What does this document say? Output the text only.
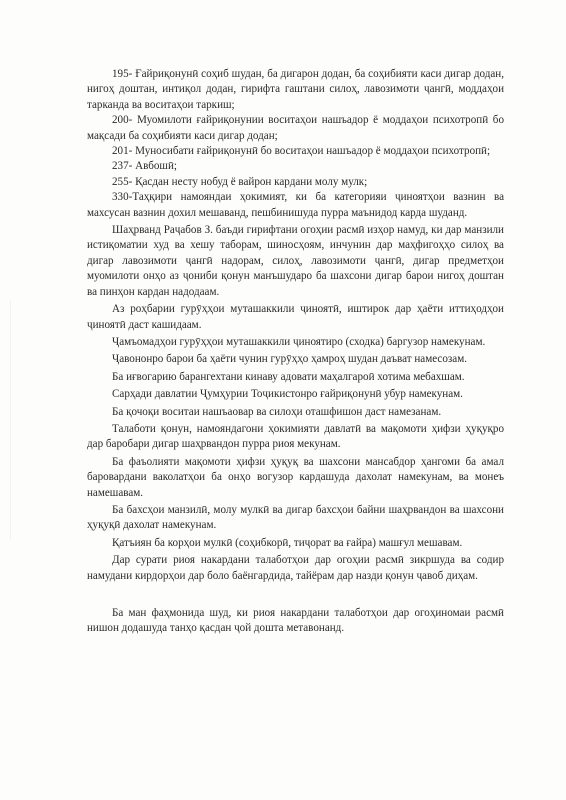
195- Ғайриқонунӣ соҳиб шудан, ба дигарон додан, ба соҳибияти каси дигар додан, нигоҳ доштан, интиқол додан, гирифта гаштани силоҳ, лавозимоти ҷангӣ, моддаҳои тарканда ва воситаҳои таркиш;

200- Муомилоти ғайриқонунии воситаҳои нашъадор ё моддаҳои психотропӣ бо мақсади ба соҳибияти каси дигар додан;

201- Муносибати ғайриқонунӣ бо воситаҳои нашъадор ё моддаҳои психотропӣ;

237- Авбошӣ;

255- Қасдан несту нобуд ё вайрон кардани молу мулк;

330-Таҳқири намояндаи ҳокимият, ки ба категорияи ҷиноятҳои вазнин ва махсусан вазнин дохил мешаванд, пешбинишуда пурра маънидод карда шуданд.

Шаҳрванд Раҷабов З. баъди гирифтани огоҳии расмӣ изҳор намуд, ки дар манзили истиқоматии худ ва хешу таборам, шиносҳоям, инчунин дар маҳфигоҳҳо силоҳ ва дигар лавозимоти ҷангӣ надорам, силоҳ, лавозимоти ҷангӣ, дигар предметҳои муомилоти онҳо аз ҷониби қонун манъшударо ба шахсони дигар барои нигоҳ доштан ва пинҳон кардан надодаам.

Аз роҳбарии гурӯҳҳои муташаккили ҷиноятӣ, иштирок дар ҳаёти иттиҳодҳои ҷиноятӣ даст кашидаам.

Ҷамъомадҳои гурӯҳҳои муташаккили ҷиноятиро (сходка) баргузор намекунам.

Ҷавононро барои ба ҳаёти чунин гурӯҳҳо ҳамроҳ шудан даъват намесозам.

Ба иғвогарию барангехтани кинаву адовати маҳалгароӣ хотима мебахшам.

Сарҳади давлатии Ҷумҳурии Тоҷикистонро ғайриқонунӣ убур намекунам.

Ба қочоқи воситаи нашъаовар ва силоҳи оташфишон даст намезанам.

Талаботи қонун, намояндагони ҳокимияти давлатӣ ва мақомоти ҳифзи ҳуқуқро дар баробари дигар шаҳрвандон пурра риоя мекунам.

Ба фаъолияти мақомоти ҳифзи ҳуқуқ ва шахсони мансабдор ҳангоми ба амал баровардани ваколатҳои ба онҳо вогузор кардашуда дахолат намекунам, ва монеъ намешавам.

Ба бахсҳои манзилӣ, молу мулкӣ ва дигар бахсҳои байни шаҳрвандон ва шахсони ҳуқуқӣ дахолат намекунам.

Қатъиян ба корҳои мулкӣ (соҳибкорӣ, тиҷорат ва ғайра) машғул мешавам.

Дар сурати риоя накардани талаботҳои дар огоҳии расмӣ зикршуда ва содир намудани кирдорҳои дар боло баёнгардида, тайёрам дар назди қонун ҷавоб диҳам.

Ба ман фаҳмонида шуд, ки риоя накардани талаботҳои дар огоҳиномаи расмӣ нишон додашуда танҳо қасдан ҷой дошта метавонанд.
